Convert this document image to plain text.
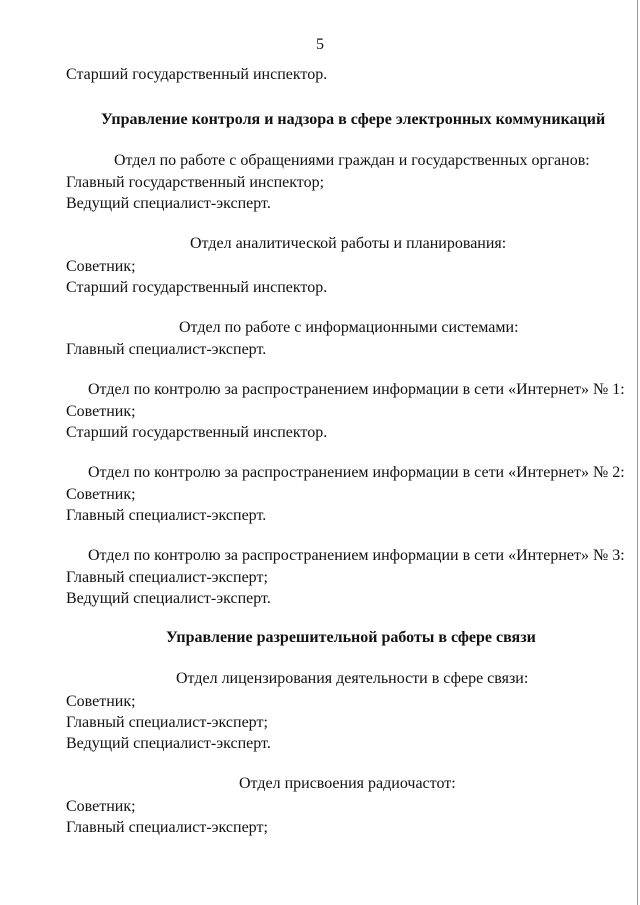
5
Старший государственный инспектор.
Управление контроля и надзора в сфере электронных коммуникаций
Отдел по работе с обращениями граждан и государственных органов:
Главный государственный инспектор;
Ведущий специалист-эксперт.
Отдел аналитической работы и планирования:
Советник;
Старший государственный инспектор.
Отдел по работе с информационными системами:
Главный специалист-эксперт.
Отдел по контролю за распространением информации в сети «Интернет» № 1:
Советник;
Старший государственный инспектор.
Отдел по контролю за распространением информации в сети «Интернет» № 2:
Советник;
Главный специалист-эксперт.
Отдел по контролю за распространением информации в сети «Интернет» № 3:
Главный специалист-эксперт;
Ведущий специалист-эксперт.
Управление разрешительной работы в сфере связи
Отдел лицензирования деятельности в сфере связи:
Советник;
Главный специалист-эксперт;
Ведущий специалист-эксперт.
Отдел присвоения радиочастот:
Советник;
Главный специалист-эксперт;
